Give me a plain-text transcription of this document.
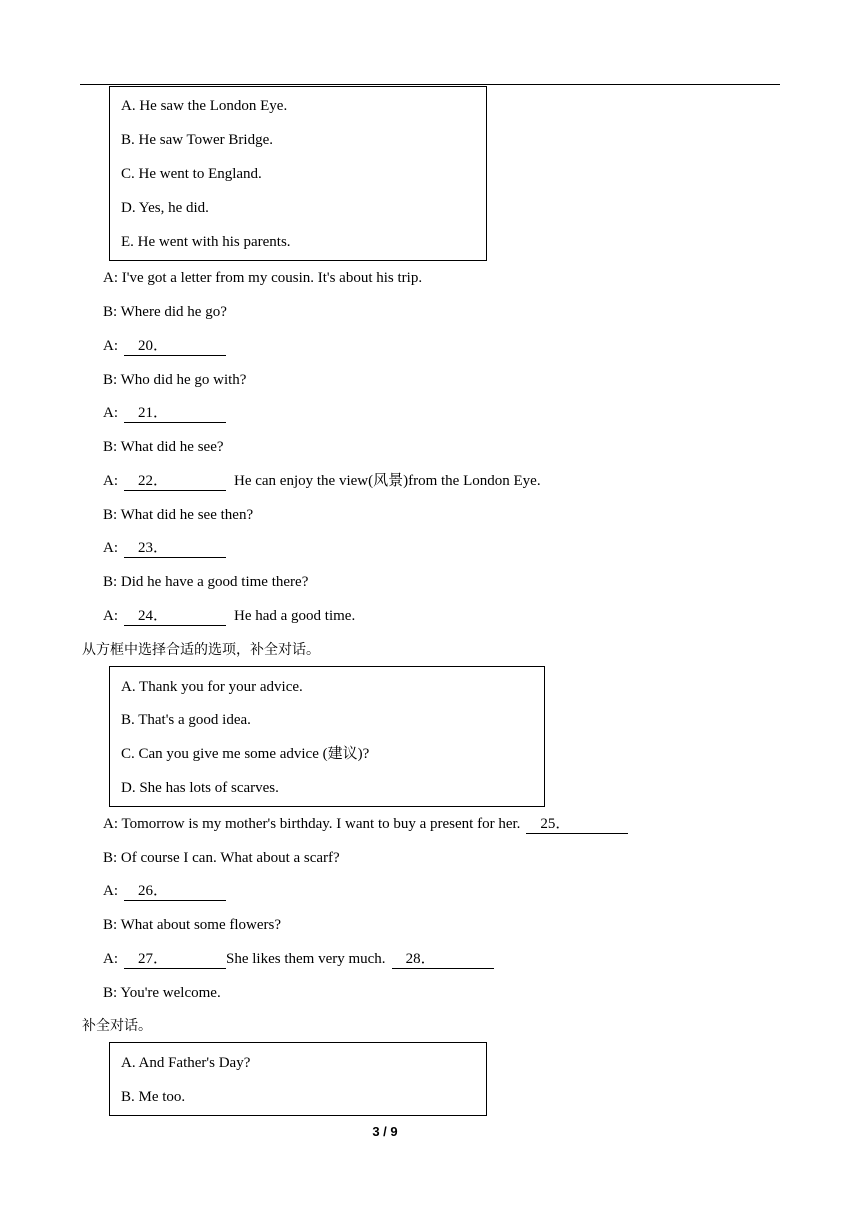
A. He saw the London Eye.
B. He saw Tower Bridge.
C. He went to England.
D. Yes, he did.
E. He went with his parents.
A: I've got a letter from my cousin. It's about his trip.
B: Where did he go?
A: 20．
B: Who did he go with?
A: 21．
B: What did he see?
A: 22．	He can enjoy the view(风景)from the London Eye.
B: What did he see then?
A: 23．
B: Did he have a good time there?
A: 24．	He had a good time.
从方框中选择合适的选项，补全对话。
A. Thank you for your advice.
B. That's a good idea.
C. Can you give me some advice (建议)?
D. She has lots of scarves.
A: Tomorrow is my mother's birthday. I want to buy a present for her. 25．
B: Of course I can. What about a scarf?
A: 26．
B: What about some flowers?
A: 27．	She likes them very much. 28．
B: You're welcome.
补全对话。
A. And Father's Day?
B. Me too.
3 / 9
